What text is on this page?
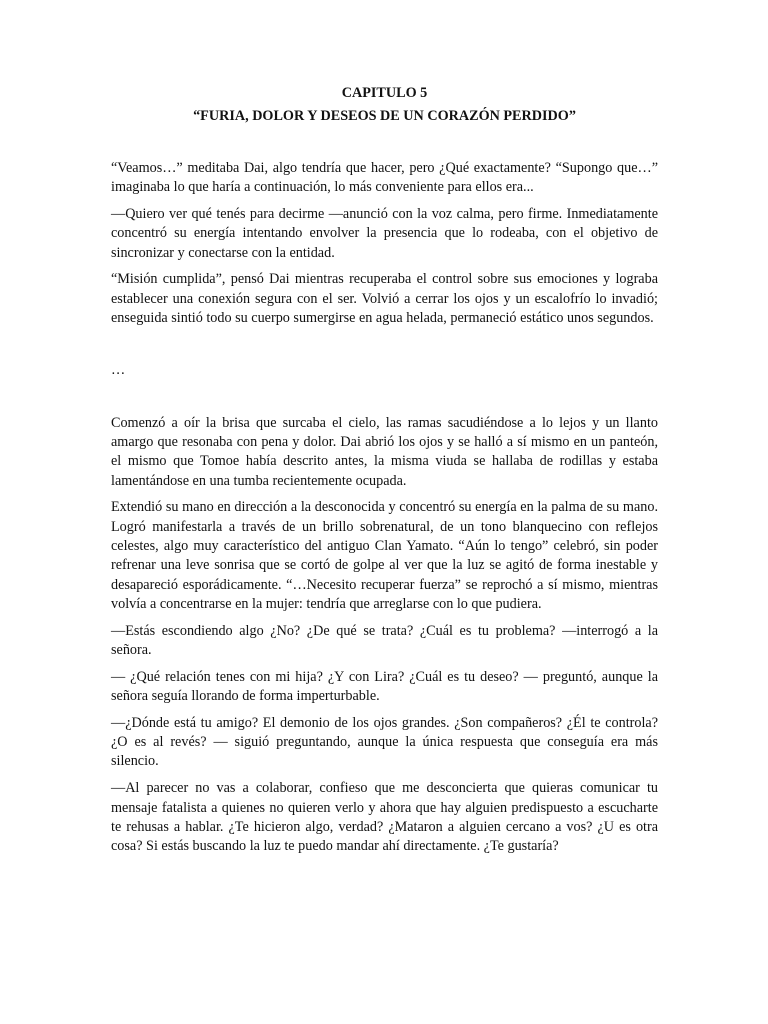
CAPITULO 5
“FURIA, DOLOR Y DESEOS DE UN CORAZÓN PERDIDO”

“Veamos…” meditaba Dai, algo tendría que hacer, pero ¿Qué exactamente? “Supongo que…” imaginaba lo que haría a continuación, lo más conveniente para ellos era...

—Quiero ver qué tenés para decirme —anunció con la voz calma, pero firme. Inmediatamente concentró su energía intentando envolver la presencia que lo rodeaba, con el objetivo de sincronizar y conectarse con la entidad.

“Misión cumplida”, pensó Dai mientras recuperaba el control sobre sus emociones y lograba establecer una conexión segura con el ser. Volvió a cerrar los ojos y un escalofrío lo invadió; enseguida sintió todo su cuerpo sumergirse en agua helada, permaneció estático unos segundos.

…

Comenzó a oír la brisa que surcaba el cielo, las ramas sacudiéndose a lo lejos y un llanto amargo que resonaba con pena y dolor. Dai abrió los ojos y se halló a sí mismo en un panteón, el mismo que Tomoe había descrito antes, la misma viuda se hallaba de rodillas y estaba lamentándose en una tumba recientemente ocupada.

Extendió su mano en dirección a la desconocida y concentró su energía en la palma de su mano. Logró manifestarla a través de un brillo sobrenatural, de un tono blanquecino con reflejos celestes, algo muy característico del antiguo Clan Yamato. “Aún lo tengo” celebró, sin poder refrenar una leve sonrisa que se cortó de golpe al ver que la luz se agitó de forma inestable y desapareció esporádicamente. “…Necesito recuperar fuerza” se reprochó a sí mismo, mientras volvía a concentrarse en la mujer: tendría que arreglarse con lo que pudiera.

—Estás escondiendo algo ¿No? ¿De qué se trata? ¿Cuál es tu problema? —interrogó a la señora.

— ¿Qué relación tenes con mi hija? ¿Y con Lira? ¿Cuál es tu deseo? — preguntó, aunque la señora seguía llorando de forma imperturbable.

—¿Dónde está tu amigo? El demonio de los ojos grandes. ¿Son compañeros? ¿Él te controla? ¿O es al revés? — siguió preguntando, aunque la única respuesta que conseguía era más silencio.

—Al parecer no vas a colaborar, confieso que me desconcierta que quieras comunicar tu mensaje fatalista a quienes no quieren verlo y ahora que hay alguien predispuesto a escucharte te rehusas a hablar. ¿Te hicieron algo, verdad? ¿Mataron a alguien cercano a vos? ¿U es otra cosa? Si estás buscando la luz te puedo mandar ahí directamente. ¿Te gustaría?
